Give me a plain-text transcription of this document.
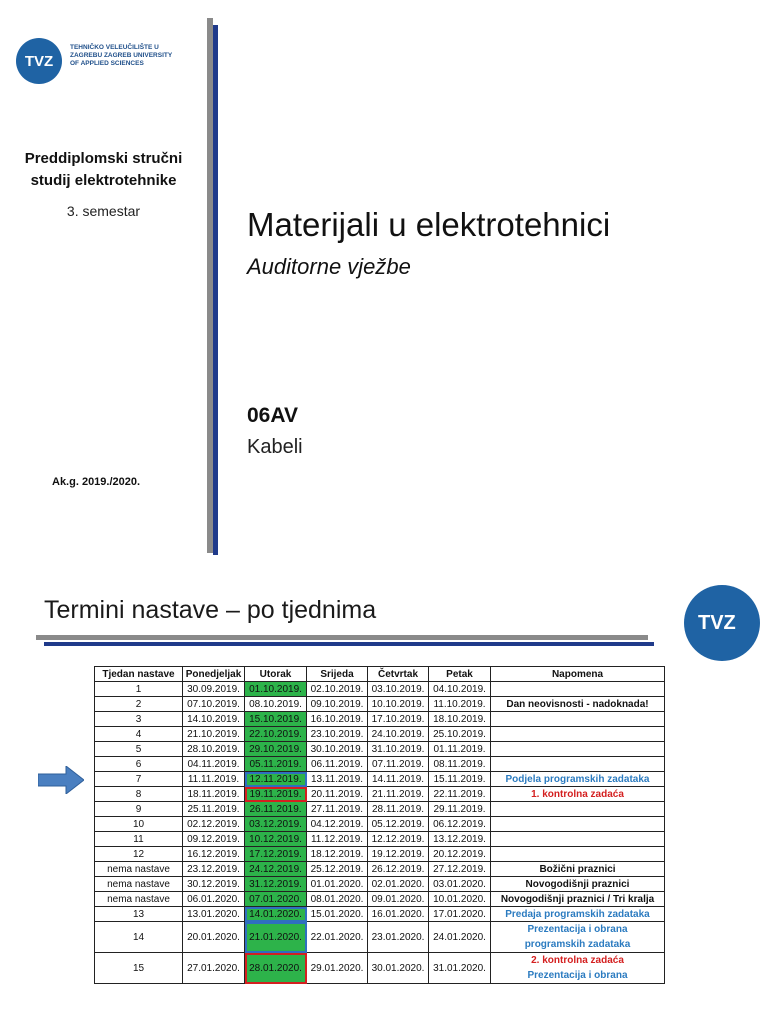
TVZ
TEHNIČKO VELEUČILIŠTE U
ZAGREBU ZAGREB UNIVERSITY
OF APPLIED SCIENCES
Preddiplomski stručni
studij elektrotehnike
3. semestar
Ak.g. 2019./2020.
Materijali u elektrotehnici
Auditorne vježbe
06AV
Kabeli
Termini nastave – po tjednima	TVZ
Tjedan nastave	Ponedjeljak	Utorak	Srijeda	Četvrtak	Petak	Napomena
1	30.09.2019.	01.10.2019.	02.10.2019.	03.10.2019.	04.10.2019.	
2	07.10.2019.	08.10.2019.	09.10.2019.	10.10.2019.	11.10.2019.	Dan neovisnosti - nadoknada!
3	14.10.2019.	15.10.2019.	16.10.2019.	17.10.2019.	18.10.2019.	
4	21.10.2019.	22.10.2019.	23.10.2019.	24.10.2019.	25.10.2019.	
5	28.10.2019.	29.10.2019.	30.10.2019.	31.10.2019.	01.11.2019.	
6	04.11.2019.	05.11.2019.	06.11.2019.	07.11.2019.	08.11.2019.	
7	11.11.2019.	12.11.2019.	13.11.2019.	14.11.2019.	15.11.2019.	Podjela programskih zadataka
8	18.11.2019.	19.11.2019.	20.11.2019.	21.11.2019.	22.11.2019.	1. kontrolna zadaća
9	25.11.2019.	26.11.2019.	27.11.2019.	28.11.2019.	29.11.2019.	
10	02.12.2019.	03.12.2019.	04.12.2019.	05.12.2019.	06.12.2019.	
11	09.12.2019.	10.12.2019.	11.12.2019.	12.12.2019.	13.12.2019.	
12	16.12.2019.	17.12.2019.	18.12.2019.	19.12.2019.	20.12.2019.	
nema nastave	23.12.2019.	24.12.2019.	25.12.2019.	26.12.2019.	27.12.2019.	Božični praznici
nema nastave	30.12.2019.	31.12.2019.	01.01.2020.	02.01.2020.	03.01.2020.	Novogodišnji praznici
nema nastave	06.01.2020.	07.01.2020.	08.01.2020.	09.01.2020.	10.01.2020.	Novogodišnji praznici / Tri kralja
13	13.01.2020.	14.01.2020.	15.01.2020.	16.01.2020.	17.01.2020.	Predaja programskih zadataka
14	20.01.2020.	21.01.2020.	22.01.2020.	23.01.2020.	24.01.2020.	Prezentacija i obrana
programskih zadataka

15	27.01.2020.	28.01.2020.	29.01.2020.	30.01.2020.	31.01.2020.	2. kontrolna zadaća
Prezentacija i obrana
